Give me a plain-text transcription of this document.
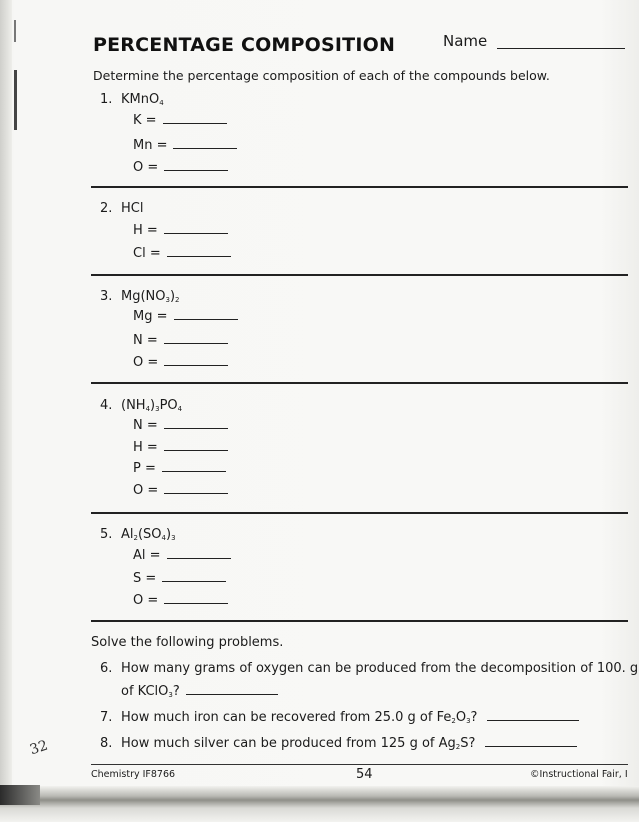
PERCENTAGE COMPOSITION	Name
Determine the percentage composition of each of the compounds below.
1. KMnO$_4$
K =
Mn =
O =
2. HCl
H =
Cl =
3. $Mg(NO_3)_2$
Mg =
N =
O =
4. $(NH_4)_3PO_4$
N =
H =
P =
O =
5. $Al_2(SO_4)_3$
Al =
S =
O =
Solve the following problems.
6. How many grams of oxygen can be produced from the decomposition of 100. g
of KClO$_3$?
7. How much iron can be recovered from 25.0 g of $Fe_2O_3$?
8. How much silver can be produced from 125 g of $Ag_2S$?
32
Chemistry IF8766	54	©Instructional Fair, I
